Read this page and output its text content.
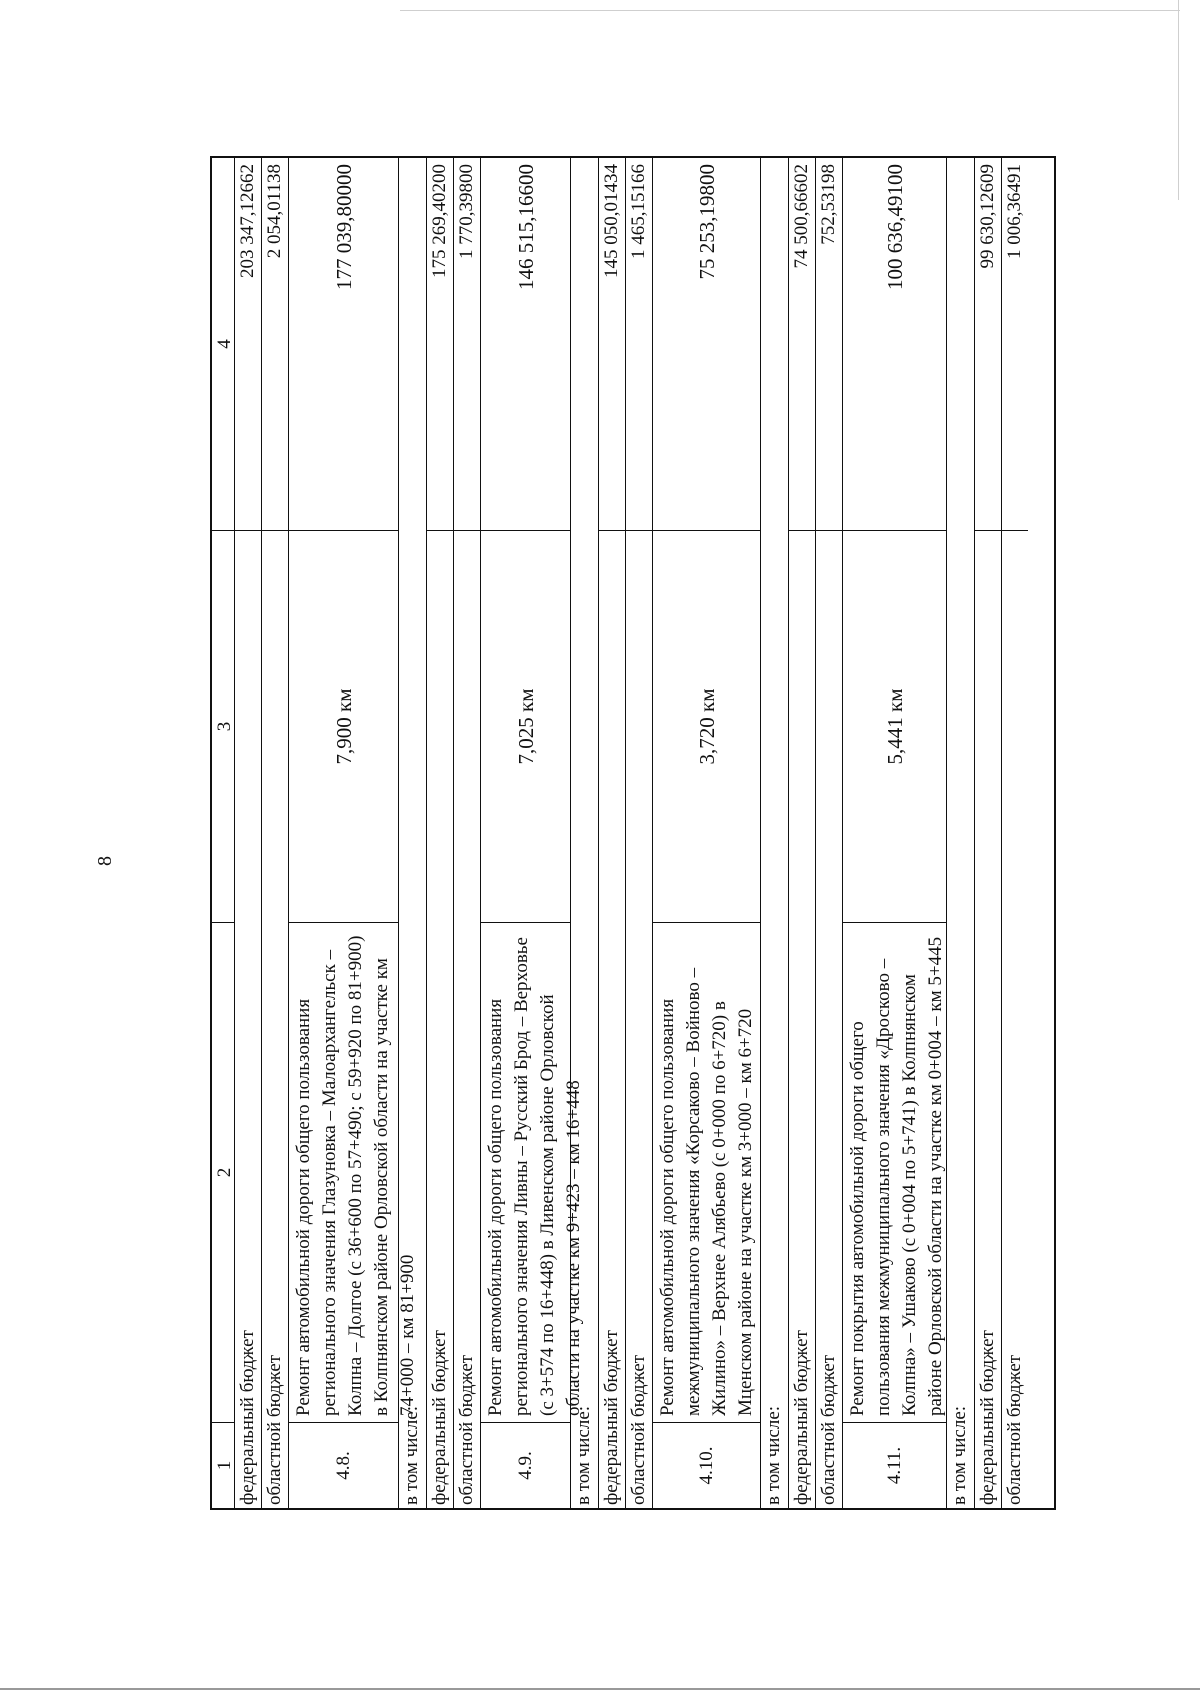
8
1
2
3
4
федеральный бюджет
203 347,12662
областной бюджет
2 054,01138
4.8.
Ремонт автомобильной дороги общего пользования регионального значения Глазуновка – Малоархангельск – Колпна – Долгое (с 36+600 по 57+490; с 59+920 по 81+900) в Колпнянском районе Орловской области на участке км 74+000 – км 81+900
7,900 км
177 039,80000
в том числе: федеральный бюджет
175 269,40200
областной бюджет
1 770,39800
4.9.
Ремонт автомобильной дороги общего пользования регионального значения Ливны – Русский Брод – Верховье (с 3+574 по 16+448) в Ливенском районе Орловской области на участке км 9+423 – км 16+448
7,025 км
146 515,16600
в том числе: федеральный бюджет
145 050,01434
областной бюджет
1 465,15166
4.10.
Ремонт автомобильной дороги общего пользования межмуниципального значения «Корсаково – Войново – Жилино» – Верхнее Алябьево (с 0+000 по 6+720) в Мценском районе на участке км 3+000 – км 6+720
3,720 км
75 253,19800
в том числе: федеральный бюджет
74 500,66602
областной бюджет
752,53198
4.11.
Ремонт покрытия автомобильной дороги общего пользования межмуниципального значения «Дросково – Колпна» – Ушаково (с 0+004 по 5+741) в Колпнянском районе Орловской области на участке км 0+004 – км 5+445
5,441 км
100 636,49100
в том числе: федеральный бюджет
99 630,12609
областной бюджет
1 006,36491
